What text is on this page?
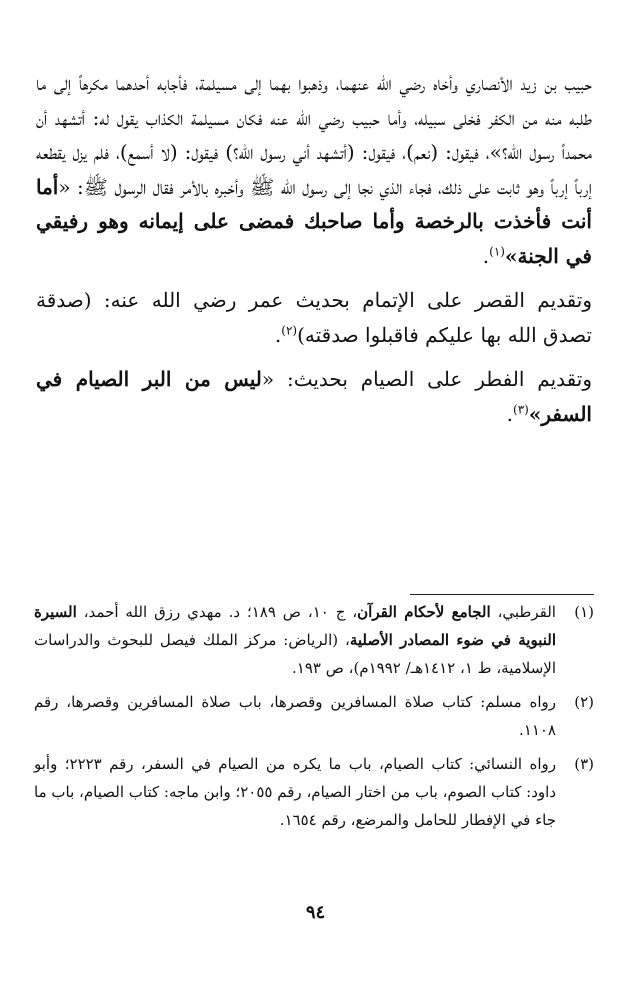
حبيب بن زيد الأنصاري وأخاه رضي الله عنهما، وذهبوا بهما إلى مسيلمة، فأجابه أحدهما مكرهاً إلى ما طلبه منه من الكفر فخلى سبيله، وأما حبيب رضي الله عنه فكان مسيلمة الكذاب يقول له: أتشهد أن محمداً رسول الله؟»، فيقول: (نعم)، فيقول: (أتشهد أني رسول الله؟) فيقول: (لا أسمع)، فلم يزل يقطعه إرباً إرباً وهو ثابت على ذلك، فجاء الذي نجا إلى رسول الله ﷺ وأخبره بالأمر فقال الرسول ﷺ: «أما أنت فأخذت بالرخصة وأما صاحبك فمضى على إيمانه وهو رفيقي في الجنة»$^{(١)}$.

وتقديم القصر على الإتمام بحديث عمر رضي الله عنه: (صدقة تصدق الله بها عليكم فاقبلوا صدقته)$^{(٢)}$.

وتقديم الفطر على الصيام بحديث: «ليس من البر الصيام في السفر»$^{(٣)}$.

(١)
القرطبي، الجامع لأحكام القرآن، ج ١٠، ص ١٨٩؛ د. مهدي رزق الله أحمد، السيرة النبوية في ضوء المصادر الأصلية، (الرياض: مركز الملك فيصل للبحوث والدراسات الإسلامية، ط ١، ١٤١٢هـ/ ١٩٩٢م)، ص ١٩٣.
(٢)
رواه مسلم: كتاب صلاة المسافرين وقصرها، باب صلاة المسافرين وقصرها، رقم ١١٠٨.
(٣)
رواه النسائي: كتاب الصيام، باب ما يكره من الصيام في السفر، رقم ٢٢٢٣؛ وأبو داود: كتاب الصوم، باب من اختار الصيام، رقم ٢٠٥٥؛ وابن ماجه: كتاب الصيام، باب ما جاء في الإفطار للحامل والمرضع، رقم ١٦٥٤.
٩٤
